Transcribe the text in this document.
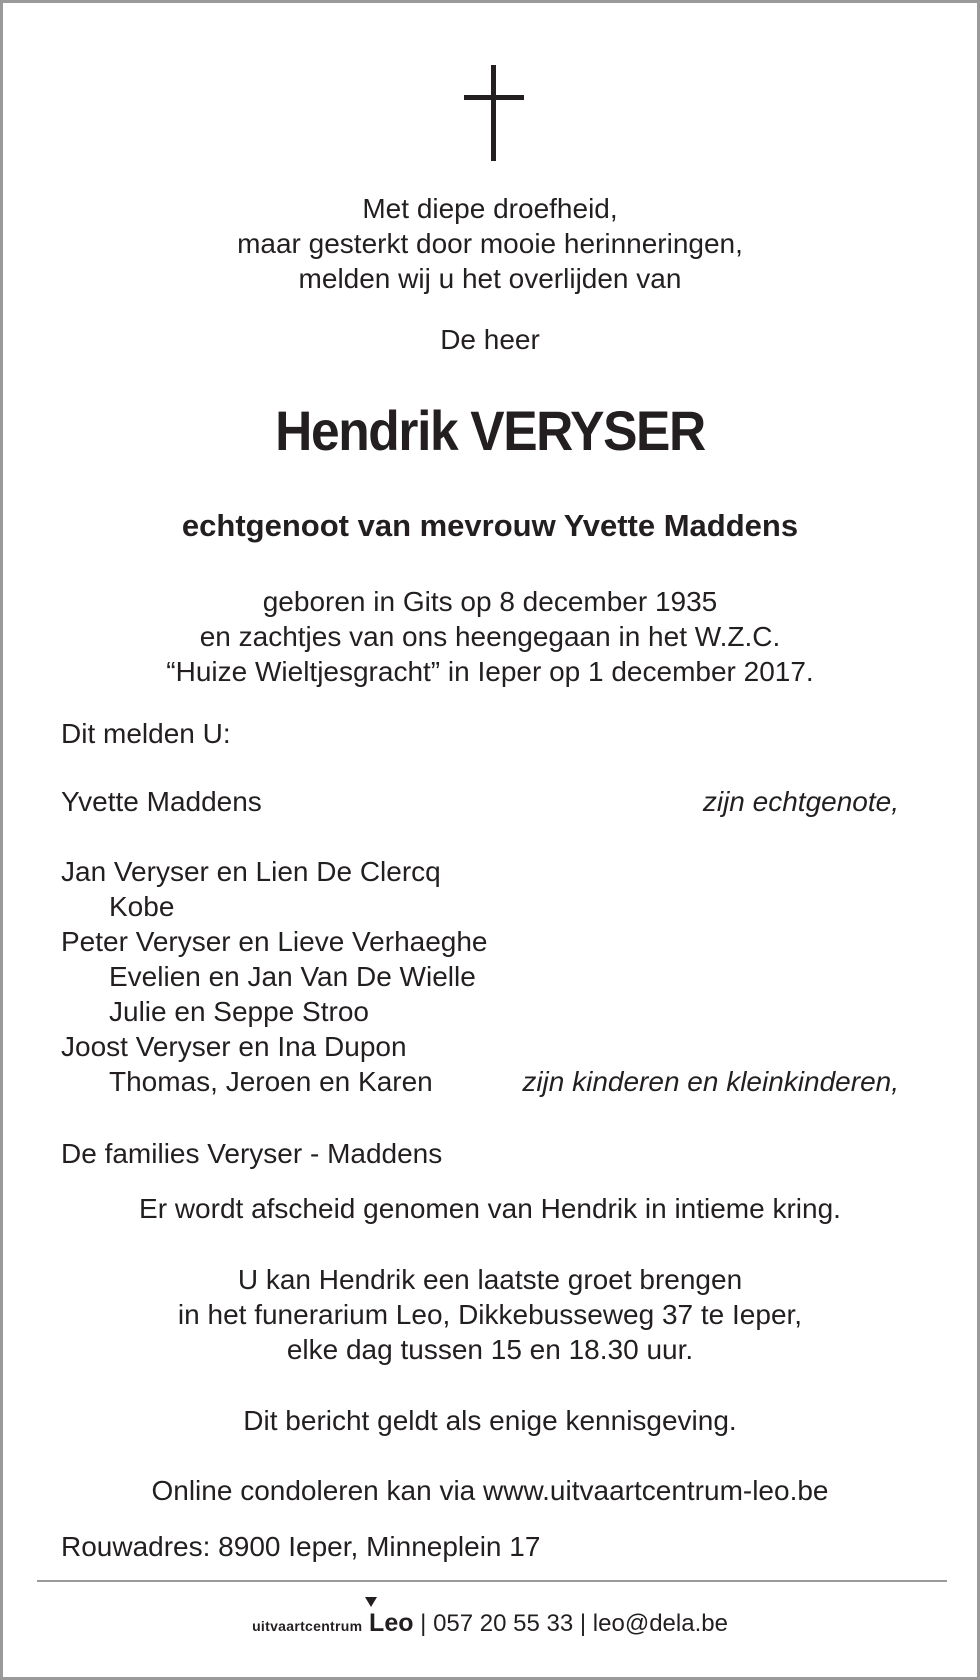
Met diepe droefheid,
maar gesterkt door mooie herinneringen,
melden wij u het overlijden van
De heer
Hendrik VERYSER
echtgenoot van mevrouw Yvette Maddens
geboren in Gits op 8 december 1935
en zachtjes van ons heengegaan in het W.Z.C.
“Huize Wieltjesgracht” in Ieper op 1 december 2017.
Dit melden U:
Yvette Maddens	zijn echtgenote,
Jan Veryser en Lien De Clercq
Kobe
Peter Veryser en Lieve Verhaeghe
Evelien en Jan Van De Wielle
Julie en Seppe Stroo
Joost Veryser en Ina Dupon
Thomas, Jeroen en Karen	zijn kinderen en kleinkinderen,
De families Veryser - Maddens
Er wordt afscheid genomen van Hendrik in intieme kring.
U kan Hendrik een laatste groet brengen
in het funerarium Leo, Dikkebusseweg 37 te Ieper,
elke dag tussen 15 en 18.30 uur.
Dit bericht geldt als enige kennisgeving.
Online condoleren kan via www.uitvaartcentrum-leo.be
Rouwadres: 8900 Ieper, Minneplein 17
uitvaartcentrum Leo | 057 20 55 33 | leo@dela.be
